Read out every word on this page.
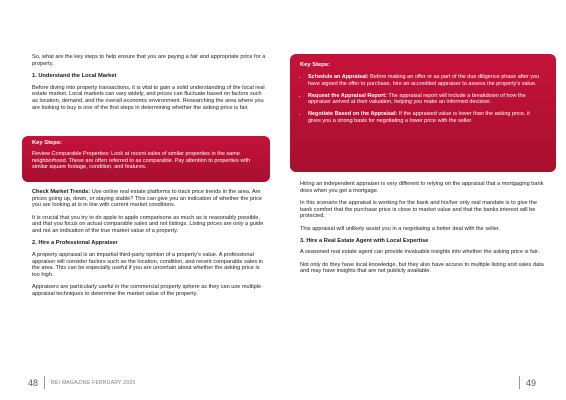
So, what are the key steps to help ensure that you are paying a fair and appropriate price for a property.

1. Understand the Local Market

Before diving into property transactions, it is vital to gain a solid understanding of the local real estate market. Local markets can vary widely, and prices can fluctuate based on factors such as location, demand, and the overall economic environment. Researching the area where you are looking to buy is one of the first steps in determining whether the asking price is fair.

Key Steps:
Review Comparable Properties: Look at recent sales of similar properties in the same neighborhood. These are often referred to as comparable. Pay attention to properties with similar square footage, condition, and features.

Check Market Trends: Use online real estate platforms to track price trends in the area. Are prices going up, down, or staying stable? This can give you an indication of whether the price you are looking at is in line with current market conditions.

It is crucial that you try to do apple to apple comparisons as much as is reasonably possible, and that you focus on actual comparable sales and not listings. Listing prices are only a guide and not an indication of the true market value of a property.

2. Hire a Professional Appraiser

A property appraisal is an impartial third-party opinion of a property's value. A professional appraiser will consider factors such as the location, condition, and recent comparable sales in the area. This can be especially useful if you are uncertain about whether the asking price is too high.

Appraisers are particularly useful in the commercial property sphere as they can use multiple appraisal techniques to determine the market value of the property.

48	REI MAGAZINE FEBRUARY 2025
Key Steps:
• Schedule an Appraisal: Before making an offer or as part of the due diligence phase after you have signed the offer to purchase, hire an accredited appraiser to assess the property's value.
• Request the Appraisal Report: The appraisal report will include a breakdown of how the appraiser arrived at their valuation, helping you make an informed decision.
• Negotiate Based on the Appraisal: If the appraised value is lower than the asking price, it gives you a strong basis for negotiating a lower price with the seller.

Hiring an independent appraiser is very different to relying on the appraisal that a mortgaging bank does when you get a mortgage.

In this scenario the appraisal is working for the bank and his/her only real mandate is to give the bank comfort that the purchase price is close to market value and that the banks interest will be protected.

This appraisal will unlikely assist you in a negotiating a better deal with the seller.

3. Hire a Real Estate Agent with Local Expertise

A seasoned real estate agent can provide invaluable insights into whether the asking price is fair.

Not only do they have local knowledge, but they also have access to multiple listing and sales data and may have insights that are not publicly available.

49
